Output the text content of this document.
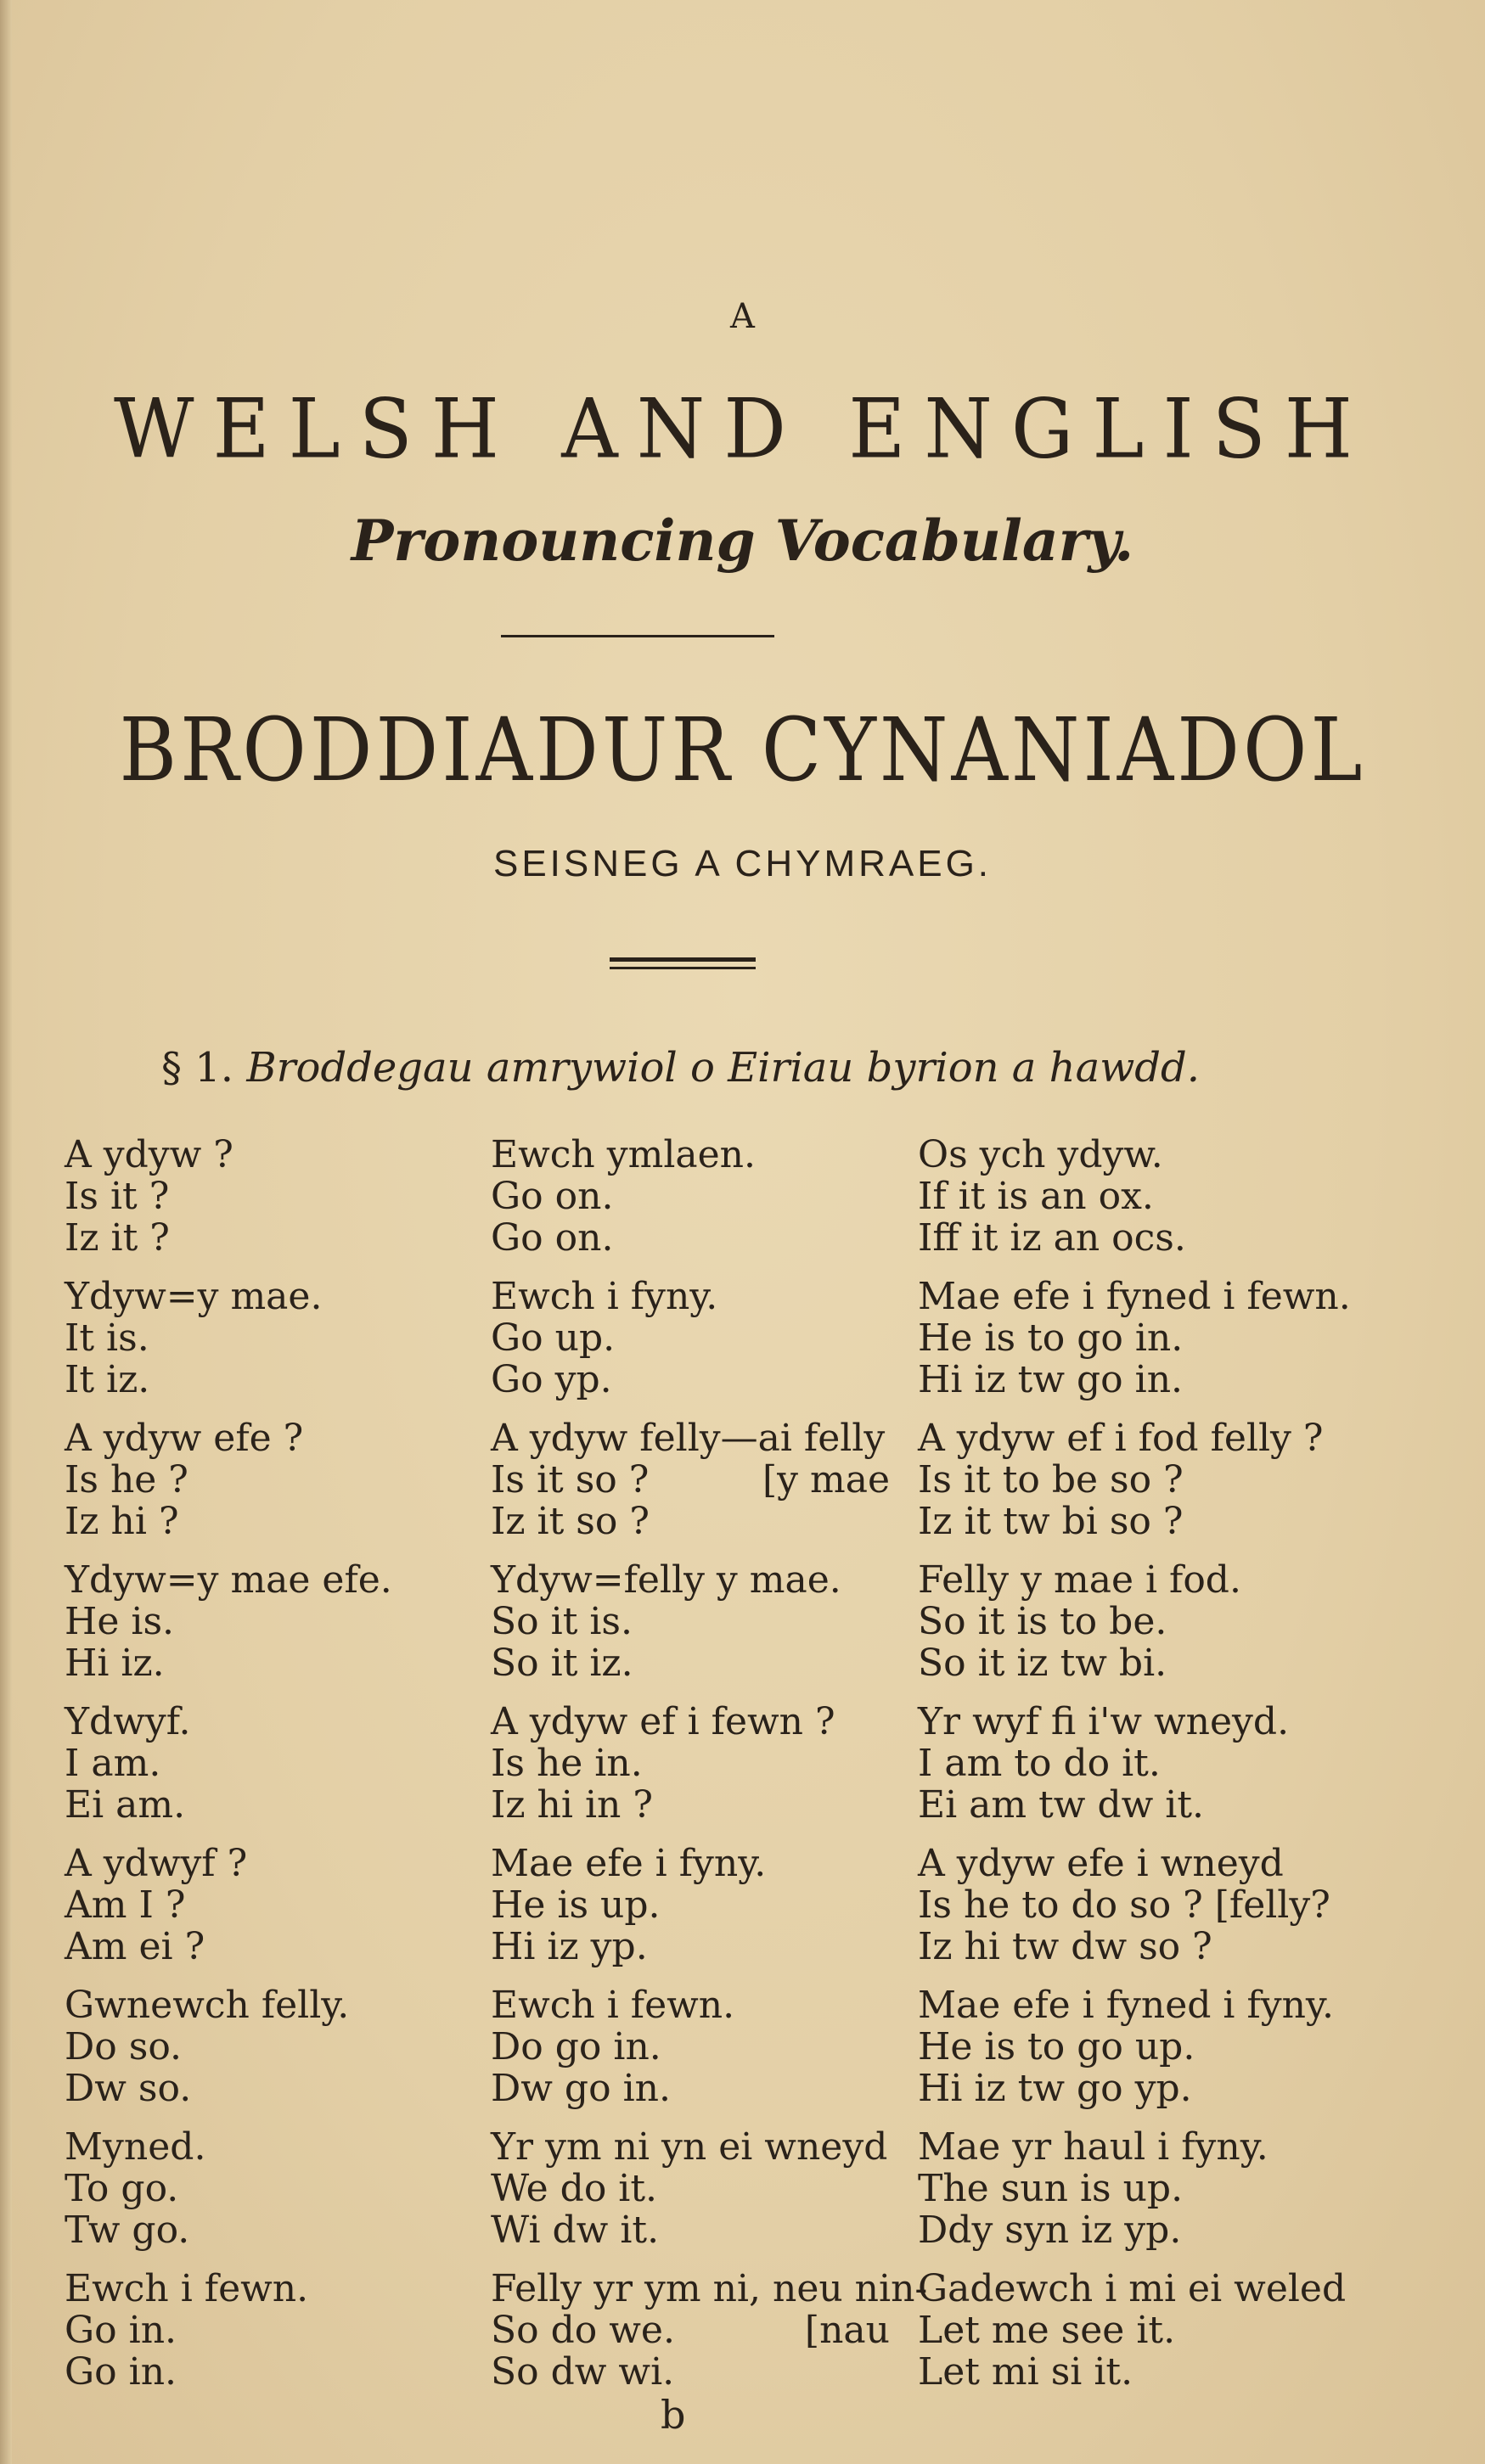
A
WELSH AND ENGLISH
Pronouncing Vocabulary.
BRODDIADUR CYNANIADOL
SEISNEG A CHYMRAEG.
§ 1. Broddegau amrywiol o Eiriau byrion a hawdd.
A ydyw ?
Is it ?
Iz it ?
Ydyw=y mae.
It is.
It iz.
A ydyw efe ?
Is he ?
Iz hi ?
Ydyw=y mae efe.
He is.
Hi iz.
Ydwyf.
I am.
Ei am.
A ydwyf ?
Am I ?
Am ei ?
Gwnewch felly.
Do so.
Dw so.
Myned.
To go.
Tw go.
Ewch i fewn.
Go in.
Go in.
Ewch ymlaen.
Go on.
Go on.
Ewch i fyny.
Go up.
Go yp.
A ydyw felly—ai felly
Is it so ?	[y mae
Iz it so ?
Ydyw=felly y mae.
So it is.
So it iz.
A ydyw ef i fewn ?
Is he in.
Iz hi in ?
Mae efe i fyny.
He is up.
Hi iz yp.
Ewch i fewn.
Do go in.
Dw go in.
Yr ym ni yn ei wneyd
We do it.
Wi dw it.
Felly yr ym ni, neu nin-
So do we.	[nau
So dw wi.
Os ych ydyw.
If it is an ox.
Iff it iz an ocs.
Mae efe i fyned i fewn.
He is to go in.
Hi iz tw go in.
A ydyw ef i fod felly ?
Is it to be so ?
Iz it tw bi so ?
Felly y mae i fod.
So it is to be.
So it iz tw bi.
Yr wyf fi i'w wneyd.
I am to do it.
Ei am tw dw it.
A ydyw efe i wneyd
Is he to do so ? [felly?
Iz hi tw dw so ?
Mae efe i fyned i fyny.
He is to go up.
Hi iz tw go yp.
Mae yr haul i fyny.
The sun is up.
Ddy syn iz yp.
Gadewch i mi ei weled
Let me see it.
Let mi si it.
b
